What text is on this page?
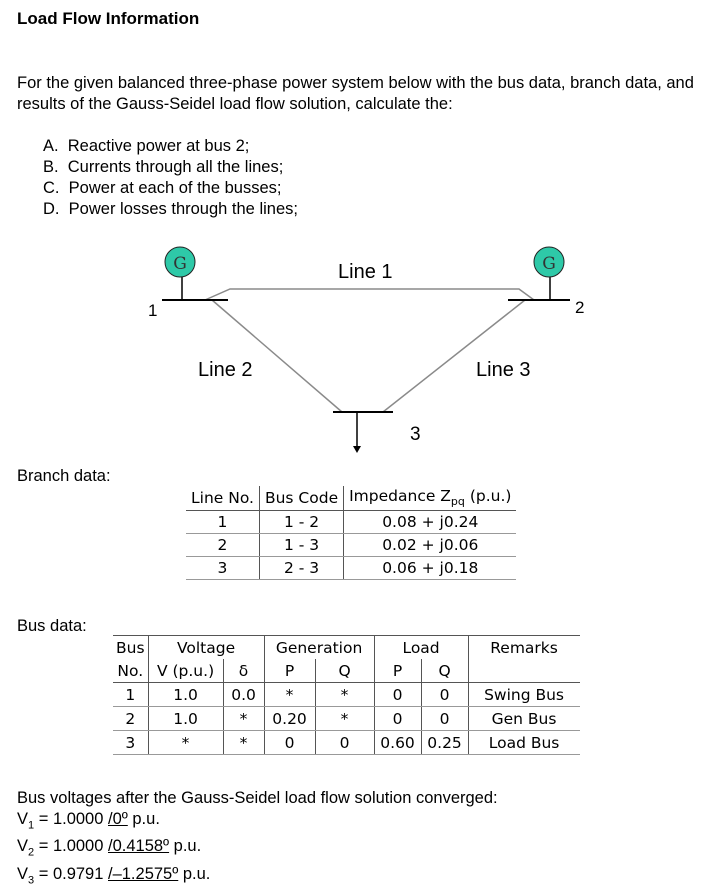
Load Flow Information
For the given balanced three-phase power system below with the bus data, branch data, and results of the Gauss-Seidel load flow solution, calculate the:
A. Reactive power at bus 2;
B. Currents through all the lines;
C. Power at each of the busses;
D. Power losses through the lines;
G
1
G
2
3
Line 1
Line 2	Line 3
Branch data:
Line No.	Bus Code	Impedance $Z_{pq}$ (p.u.)
1	1 - 2	0.08 + j0.24
2	1 - 3	0.02 + j0.06
3	2 - 3	0.06 + j0.18
Bus data:
Bus	Voltage		Generation		Load		Remarks
No.	V (p.u.)	δ	P	Q	P	Q	
1	1.0	0.0	*	*	0	0	Swing Bus
2	1.0	*	0.20	*	0	0	Gen Bus
3	*	*	0	0	0.60	0.25	Load Bus
Bus voltages after the Gauss-Seidel load flow solution converged:
$V_1 = 1.0000$ /0º p.u.
$V_2 = 1.0000$ /0.4158º p.u.
$V_3 = 0.9791$ /–1.2575º p.u.
